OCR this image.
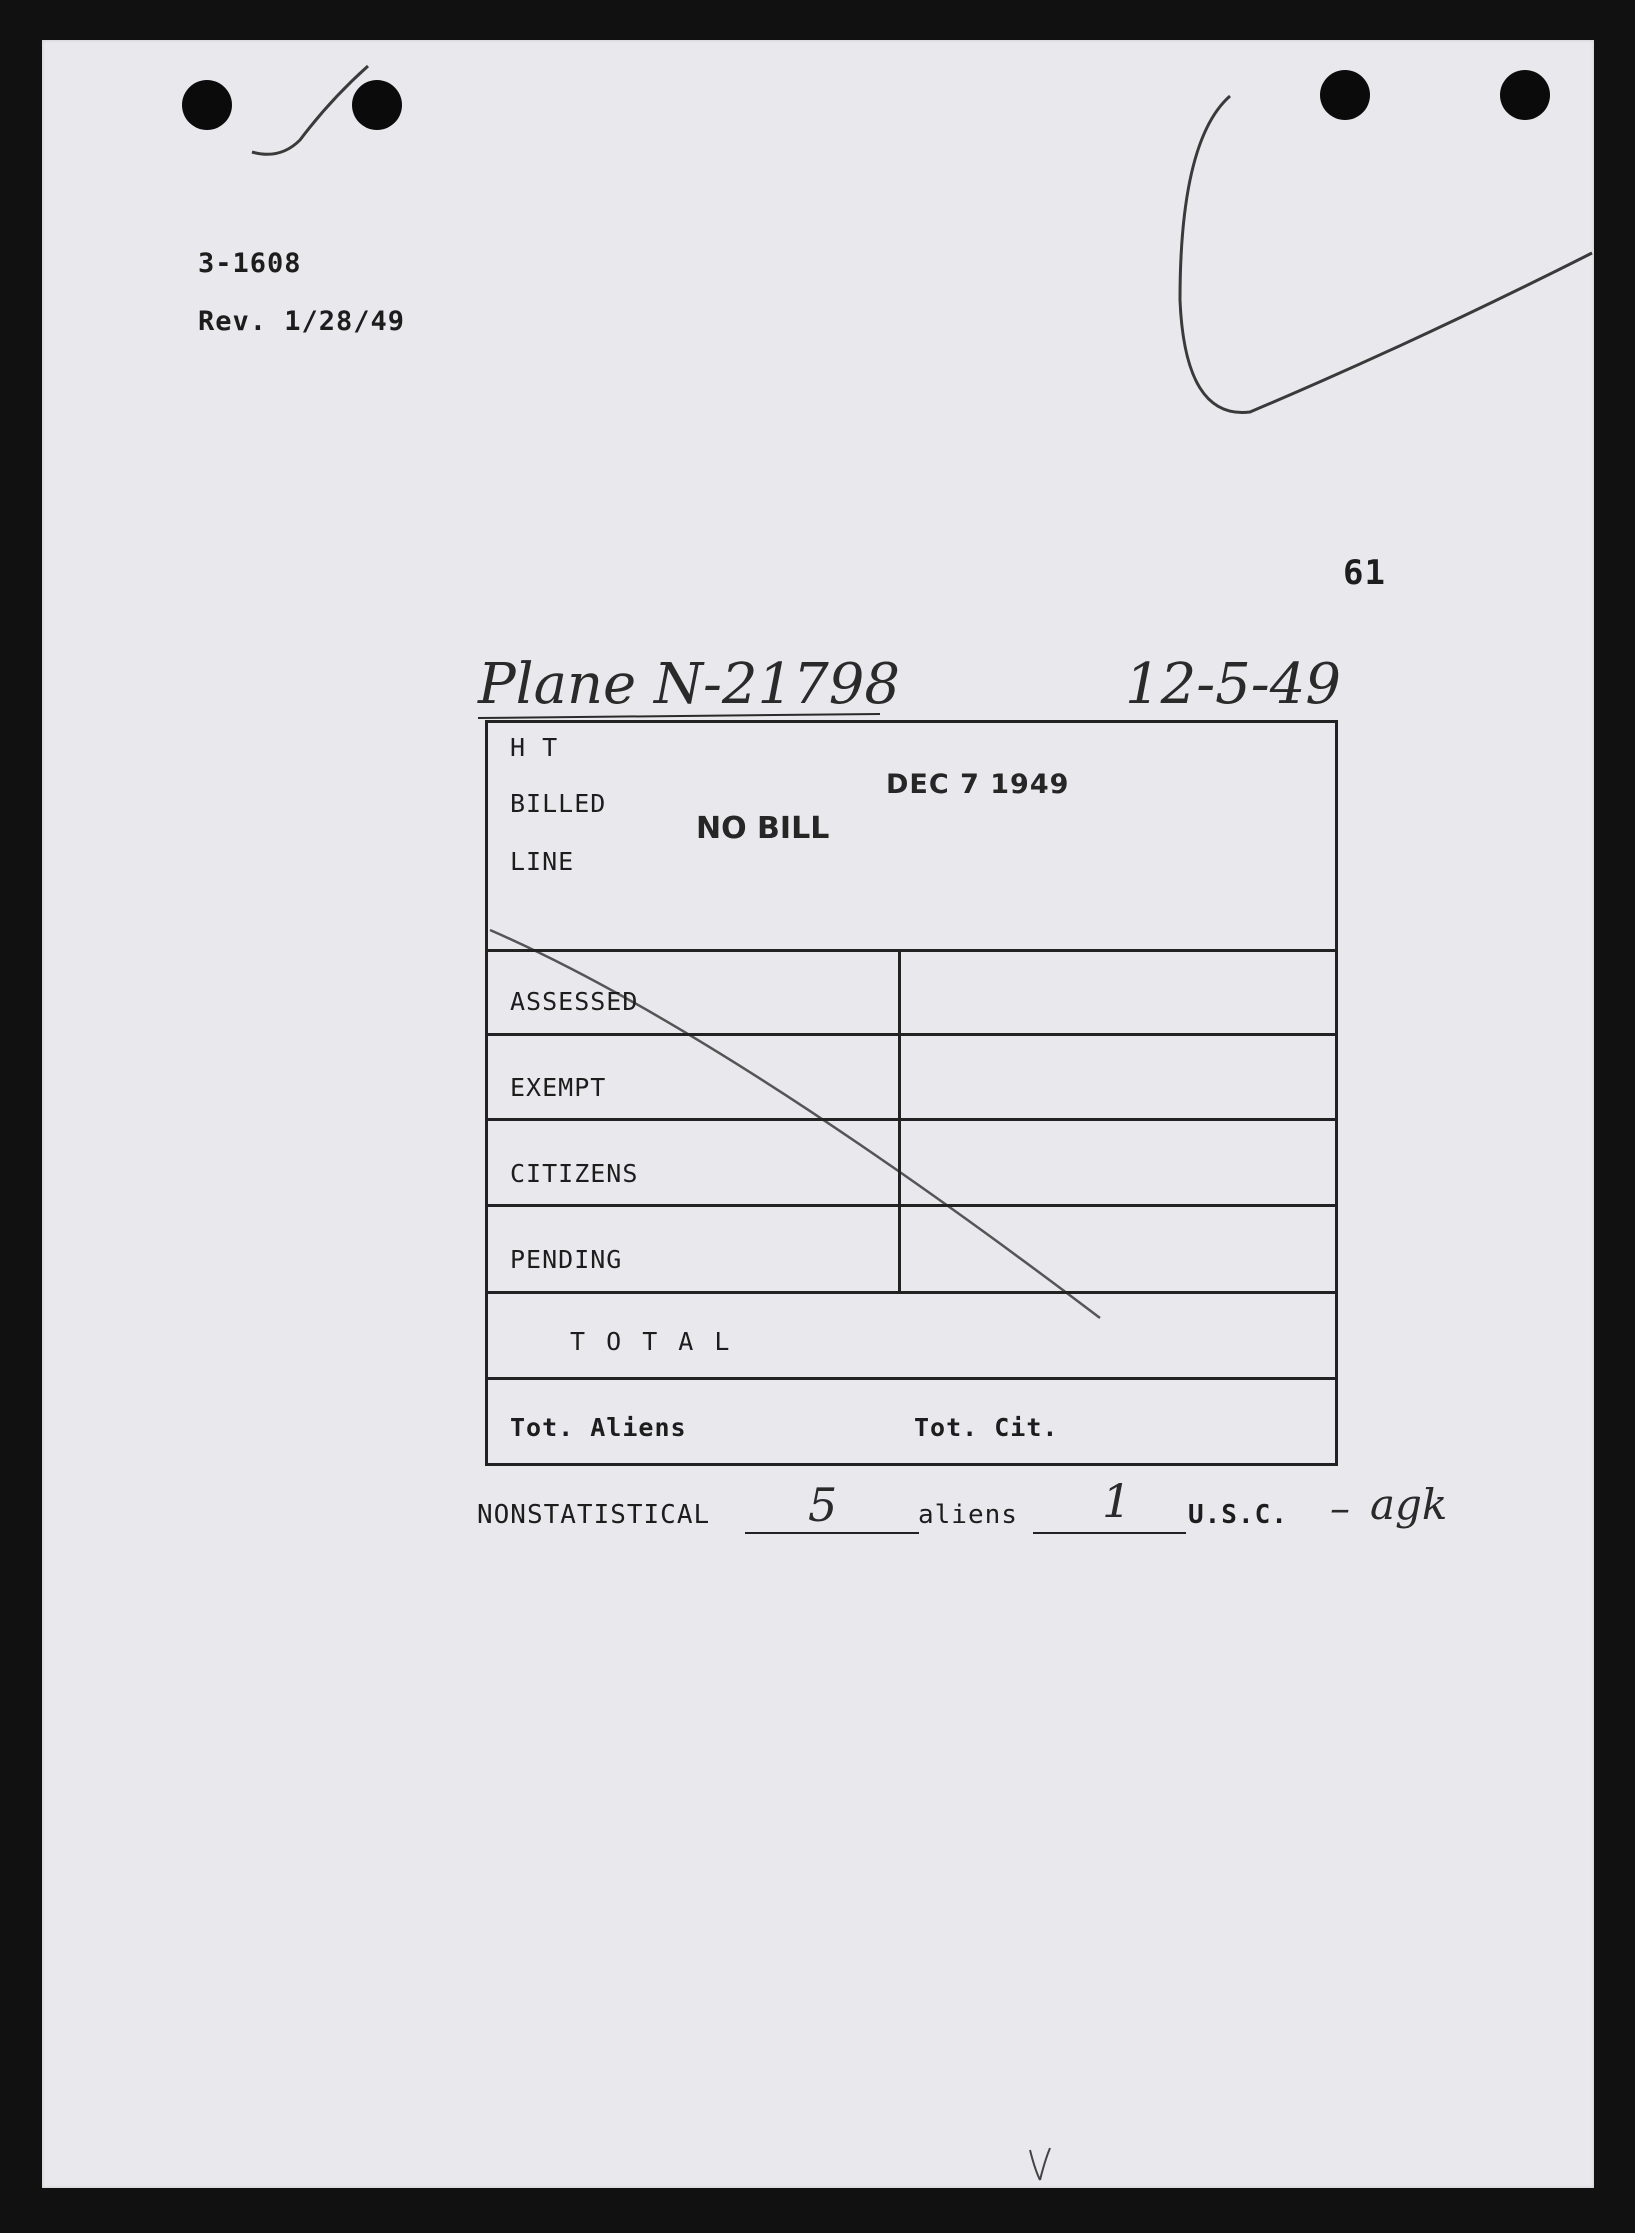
3-1608
Rev. 1/28/49
61
Plane N-21798	12-5-49
H T
BILLED
LINE
NO BILL
DEC 7 1949
ASSESSED
EXEMPT
CITIZENS
PENDING
T O T A L
Tot. Aliens	Tot. Cit.
NONSTATISTICAL 5	aliens 1 U.S.C. – agk
